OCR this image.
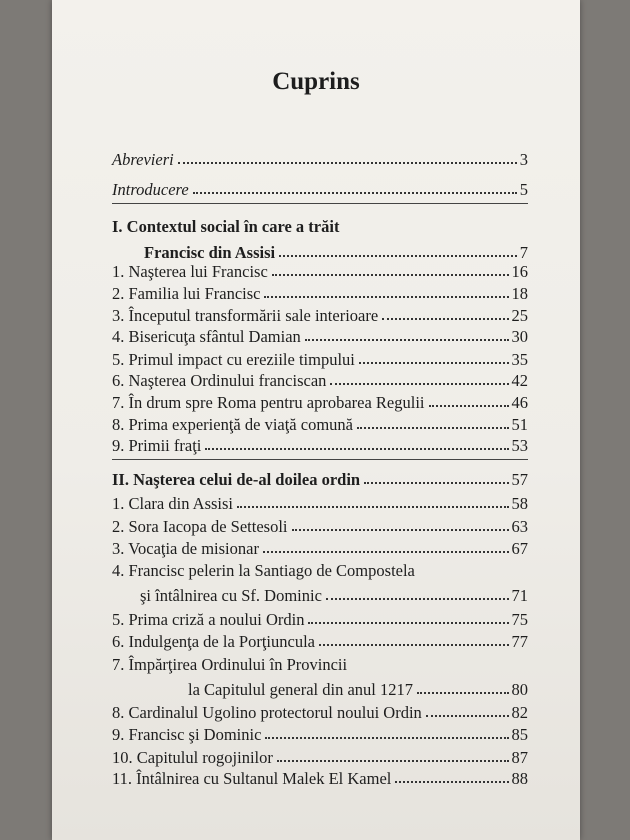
Cuprins
Abrevieri	3
Introducere	5
I. Contextul social în care a trăit
Francisc din Assisi	7
1. Naşterea lui Francisc	16
2. Familia lui Francisc	18
3. Începutul transformării sale interioare	25
4. Bisericuţa sfântul Damian	30
5. Primul impact cu ereziile timpului	35
6. Naşterea Ordinului franciscan	42
7. În drum spre Roma pentru aprobarea Regulii	46
8. Prima experienţă de viaţă comună	51
9. Primii fraţi	53
II. Naşterea celui de-al doilea ordin	57
1. Clara din Assisi	58
2. Sora Iacopa de Settesoli	63
3. Vocaţia de misionar	67
4. Francisc pelerin la Santiago de Compostela
şi întâlnirea cu Sf. Dominic	71
5. Prima criză a noului Ordin	75
6. Indulgenţa de la Porţiuncula	77
7. Împărţirea Ordinului în Provincii
la Capitulul general din anul 1217	80
8. Cardinalul Ugolino protectorul noului Ordin	82
9. Francisc şi Dominic	85
10. Capitulul rogojinilor	87
11. Întâlnirea cu Sultanul Malek El Kamel	88
